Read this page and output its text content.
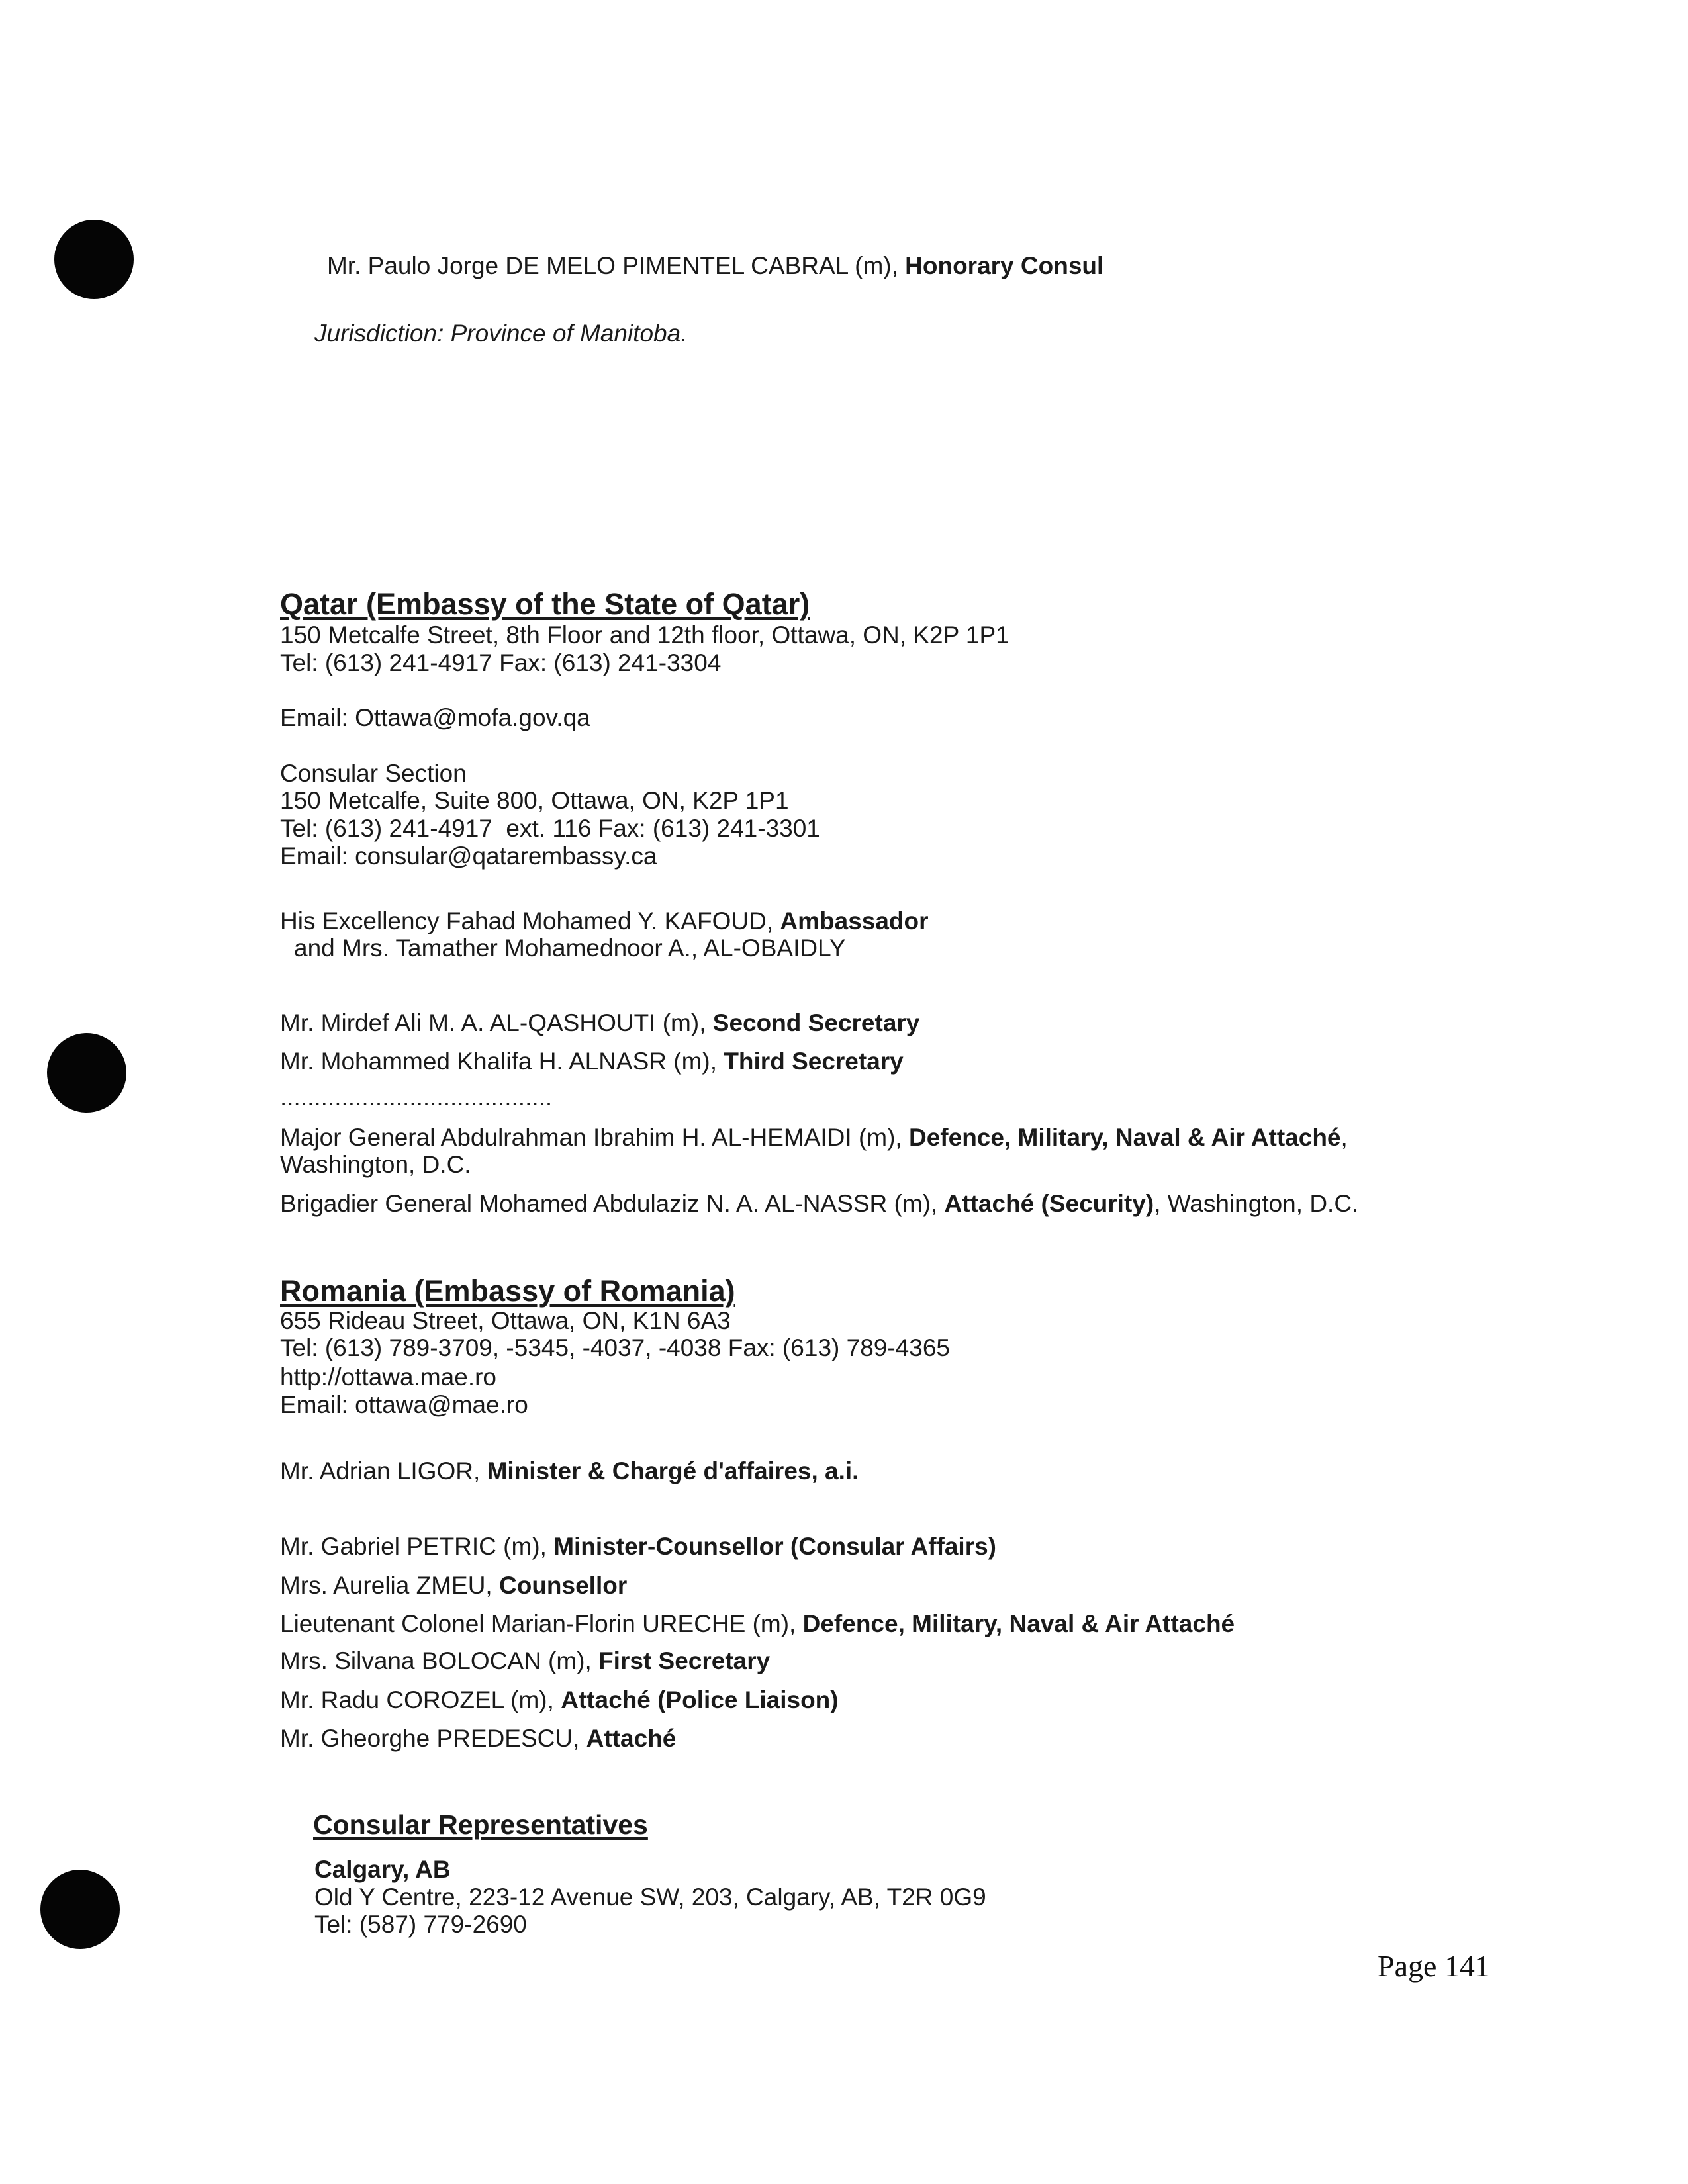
Mr. Paulo Jorge DE MELO PIMENTEL CABRAL (m), Honorary Consul
Jurisdiction: Province of Manitoba.
Qatar (Embassy of the State of Qatar)
150 Metcalfe Street, 8th Floor and 12th floor, Ottawa, ON, K2P 1P1
Tel: (613) 241-4917 Fax: (613) 241-3304
Email: Ottawa@mofa.gov.qa
Consular Section
150 Metcalfe, Suite 800, Ottawa, ON, K2P 1P1
Tel: (613) 241-4917  ext. 116 Fax: (613) 241-3301
Email: consular@qatarembassy.ca
His Excellency Fahad Mohamed Y. KAFOUD, Ambassador
and Mrs. Tamather Mohamednoor A., AL-OBAIDLY
Mr. Mirdef Ali M. A. AL-QASHOUTI (m), Second Secretary
Mr. Mohammed Khalifa H. ALNASR (m), Third Secretary
........................................
Major General Abdulrahman Ibrahim H. AL-HEMAIDI (m), Defence, Military, Naval & Air Attaché,
Washington, D.C.
Brigadier General Mohamed Abdulaziz N. A. AL-NASSR (m), Attaché (Security), Washington, D.C.
Romania (Embassy of Romania)
655 Rideau Street, Ottawa, ON, K1N 6A3
Tel: (613) 789-3709, -5345, -4037, -4038 Fax: (613) 789-4365
http://ottawa.mae.ro
Email: ottawa@mae.ro
Mr. Adrian LIGOR, Minister & Chargé d'affaires, a.i.
Mr. Gabriel PETRIC (m), Minister-Counsellor (Consular Affairs)
Mrs. Aurelia ZMEU, Counsellor
Lieutenant Colonel Marian-Florin URECHE (m), Defence, Military, Naval & Air Attaché
Mrs. Silvana BOLOCAN (m), First Secretary
Mr. Radu COROZEL (m), Attaché (Police Liaison)
Mr. Gheorghe PREDESCU, Attaché
Consular Representatives
Calgary, AB
Old Y Centre, 223-12 Avenue SW, 203, Calgary, AB, T2R 0G9
Tel: (587) 779-2690
Page 141
